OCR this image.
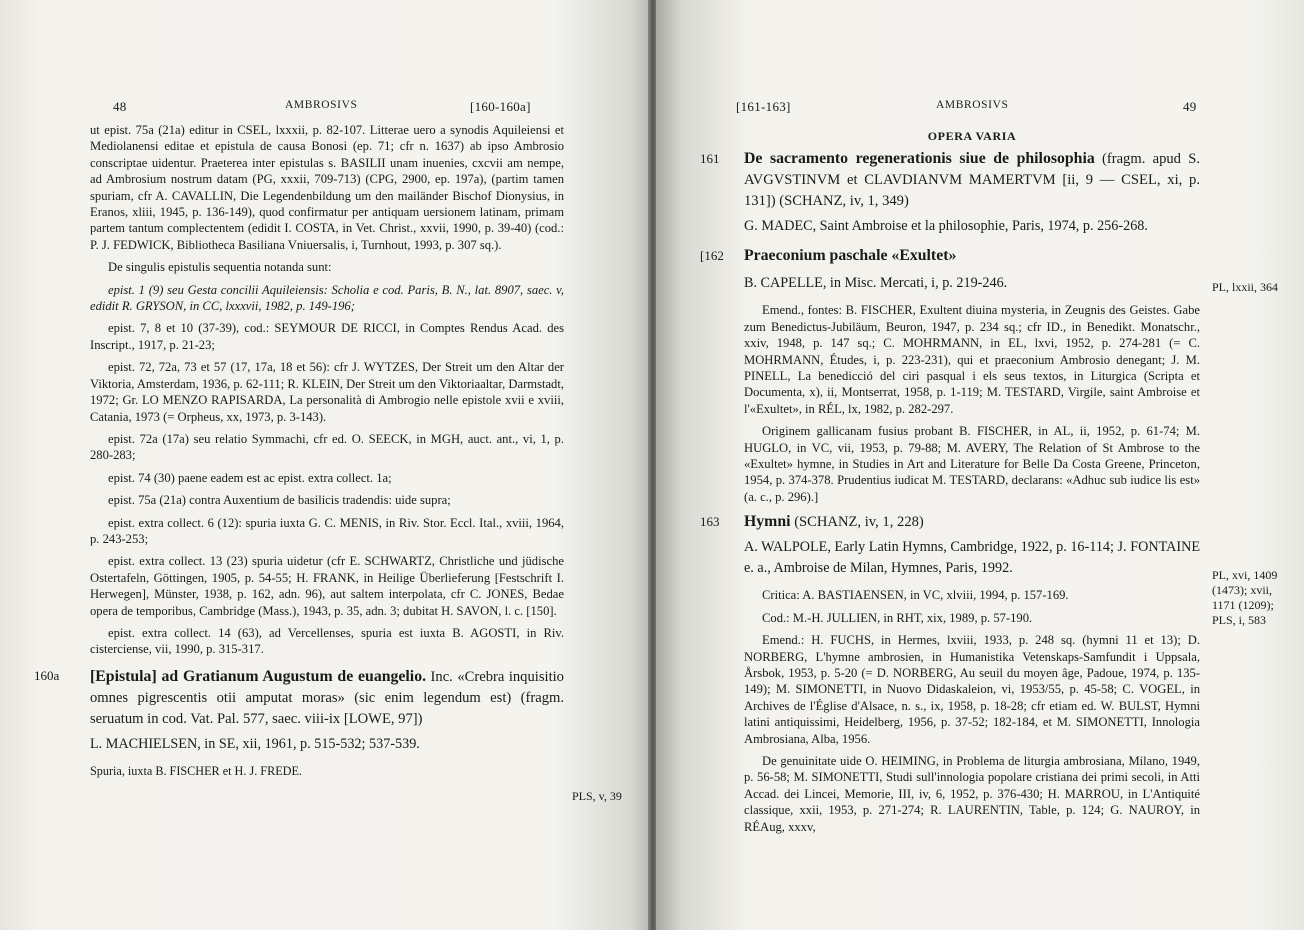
48	AMBROSIVS	[160-160a]

ut epist. 75a (21a) editur in CSEL, lxxxii, p. 82-107. Litterae uero a synodis Aquileiensi et Mediolanensi editae et epistula de causa Bonosi (ep. 71; cfr n. 1637) ab ipso Ambrosio conscriptae uidentur. Praeterea inter epistulas s. BASILII unam inuenies, cxcvii am nempe, ad Ambrosium nostrum datam (PG, xxxii, 709-713) (CPG, 2900, ep. 197a), (partim tamen spuriam, cfr A. CAVALLIN, Die Legendenbildung um den mailänder Bischof Dionysius, in Eranos, xliii, 1945, p. 136-149), quod confirmatur per antiquam uersionem latinam, primam partem tantum complectentem (edidit I. COSTA, in Vet. Christ., xxvii, 1990, p. 39-40) (cod.: P. J. FEDWICK, Bibliotheca Basiliana Vniuersalis, i, Turnhout, 1993, p. 307 sq.).

De singulis epistulis sequentia notanda sunt:

epist. 1 (9) seu Gesta concilii Aquileiensis: Scholia e cod. Paris, B. N., lat. 8907, saec. v, edidit R. GRYSON, in CC, lxxxvii, 1982, p. 149-196;

epist. 7, 8 et 10 (37-39), cod.: SEYMOUR DE RICCI, in Comptes Rendus Acad. des Inscript., 1917, p. 21-23;

epist. 72, 72a, 73 et 57 (17, 17a, 18 et 56): cfr J. WYTZES, Der Streit um den Altar der Viktoria, Amsterdam, 1936, p. 62-111; R. KLEIN, Der Streit um den Viktoriaaltar, Darmstadt, 1972; Gr. LO MENZO RAPISARDA, La personalità di Ambrogio nelle epistole xvii e xviii, Catania, 1973 (= Orpheus, xx, 1973, p. 3-143).

epist. 72a (17a) seu relatio Symmachi, cfr ed. O. SEECK, in MGH, auct. ant., vi, 1, p. 280-283;

epist. 74 (30) paene eadem est ac epist. extra collect. 1a;

epist. 75a (21a) contra Auxentium de basilicis tradendis: uide supra;

epist. extra collect. 6 (12): spuria iuxta G. C. MENIS, in Riv. Stor. Eccl. Ital., xviii, 1964, p. 243-253;

epist. extra collect. 13 (23) spuria uidetur (cfr E. SCHWARTZ, Christliche und jüdische Ostertafeln, Göttingen, 1905, p. 54-55; H. FRANK, in Heilige Überlieferung [Festschrift I. Herwegen], Münster, 1938, p. 162, adn. 96), aut saltem interpolata, cfr C. JONES, Bedae opera de temporibus, Cambridge (Mass.), 1943, p. 35, adn. 3; dubitat H. SAVON, l. c. [150].

epist. extra collect. 14 (63), ad Vercellenses, spuria est iuxta B. AGOSTI, in Riv. cisterciense, vii, 1990, p. 315-317.

160a [Epistula] ad Gratianum Augustum de euangelio. Inc. «Crebra inquisitio omnes pigrescentis otii amputat moras» (sic enim legendum est) (fragm. seruatum in cod. Vat. Pal. 577, saec. viii-ix [LOWE, 97])

L. MACHIELSEN, in SE, xii, 1961, p. 515-532; 537-539.

Spuria, iuxta B. FISCHER et H. J. FREDE.

PLS, v, 39
[161-163]	AMBROSIVS	49
OPERA VARIA
161 De sacramento regenerationis siue de philosophia (fragm. apud S. AVGVSTINVM et CLAVDIANVM MAMERTVM [ii, 9 — CSEL, xi, p. 131]) (SCHANZ, iv, 1, 349)

G. MADEC, Saint Ambroise et la philosophie, Paris, 1974, p. 256-268.

[162 Praeconium paschale «Exultet»

B. CAPELLE, in Misc. Mercati, i, p. 219-246.

Emend., fontes: B. FISCHER, Exultent diuina mysteria, in Zeugnis des Geistes. Gabe zum Benedictus-Jubiläum, Beuron, 1947, p. 234 sq.; cfr ID., in Benedikt. Monatschr., xxiv, 1948, p. 147 sq.; C. MOHRMANN, in EL, lxvi, 1952, p. 274-281 (= C. MOHRMANN, Études, i, p. 223-231), qui et praeconium Ambrosio denegant; J. M. PINELL, La benedicció del ciri pasqual i els seus textos, in Liturgica (Scripta et Documenta, x), ii, Montserrat, 1958, p. 1-119; M. TESTARD, Virgile, saint Ambroise et l'«Exultet», in RÉL, lx, 1982, p. 282-297.

Originem gallicanam fusius probant B. FISCHER, in AL, ii, 1952, p. 61-74; M. HUGLO, in VC, vii, 1953, p. 79-88; M. AVERY, The Relation of St Ambrose to the «Exultet» hymne, in Studies in Art and Literature for Belle Da Costa Greene, Princeton, 1954, p. 374-378. Prudentius iudicat M. TESTARD, declarans: «Adhuc sub iudice lis est» (a. c., p. 296).]

163 Hymni (SCHANZ, iv, 1, 228)

A. WALPOLE, Early Latin Hymns, Cambridge, 1922, p. 16-114; J. FONTAINE e. a., Ambroise de Milan, Hymnes, Paris, 1992.

Critica: A. BASTIAENSEN, in VC, xlviii, 1994, p. 157-169.

Cod.: M.-H. JULLIEN, in RHT, xix, 1989, p. 57-190.

Emend.: H. FUCHS, in Hermes, lxviii, 1933, p. 248 sq. (hymni 11 et 13); D. NORBERG, L'hymne ambrosien, in Humanistika Vetenskaps-Samfundit i Uppsala, Årsbok, 1953, p. 5-20 (= D. NORBERG, Au seuil du moyen âge, Padoue, 1974, p. 135-149); M. SIMONETTI, in Nuovo Didaskaleion, vi, 1953/55, p. 45-58; C. VOGEL, in Archives de l'Église d'Alsace, n. s., ix, 1958, p. 18-28; cfr etiam ed. W. BULST, Hymni latini antiquissimi, Heidelberg, 1956, p. 37-52; 182-184, et M. SIMONETTI, Innologia Ambrosiana, Alba, 1956.

De genuinitate uide O. HEIMING, in Problema de liturgia ambrosiana, Milano, 1949, p. 56-58; M. SIMONETTI, Studi sull'innologia popolare cristiana dei primi secoli, in Atti Accad. dei Lincei, Memorie, III, iv, 6, 1952, p. 376-430; H. MARROU, in L'Antiquité classique, xxii, 1953, p. 271-274; R. LAURENTIN, Table, p. 124; G. NAUROY, in RÉAug, xxxv,

PL, lxxii, 364
PL, xvi, 1409 (1473); xvii, 1171 (1209); PLS, i, 583
